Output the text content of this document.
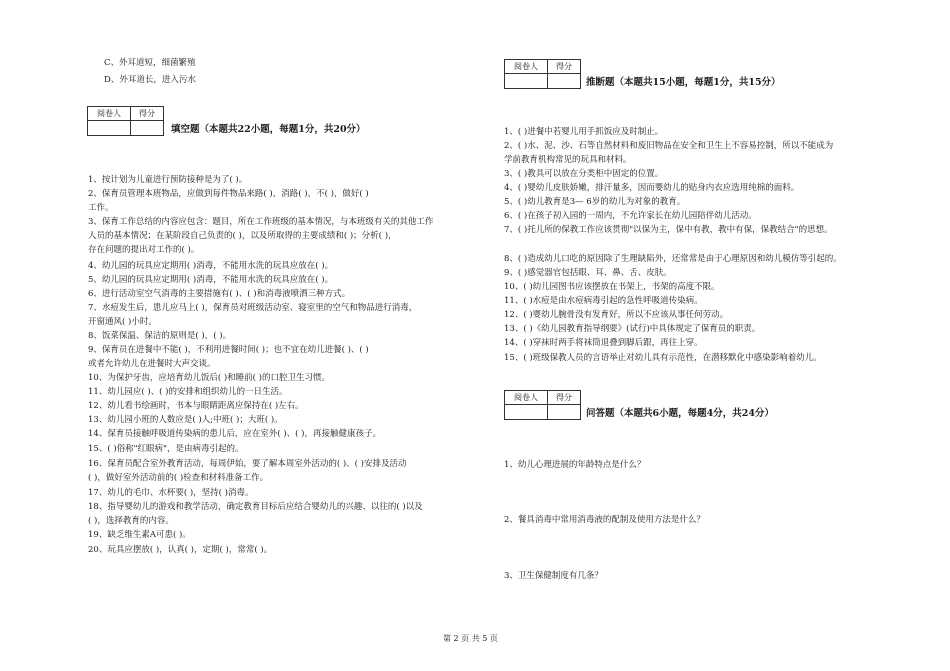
C、外耳道短，细菌繁殖
D、外耳道长，进入污水
阅卷人	得分

填空题（本题共22小题，每题1分，共20分）
1、按计划为儿童进行预防接种是为了( )。
2、保育员管理本班物品，应做到每件物品来路( )，消路( )，不( )，做好( )
工作。
3、保育工作总结的内容应包含：题目，所在工作班级的基本情况，与本班级有关的其他工作
人员的基本情况；在某阶段自己负责的( )，以及所取得的主要成绩和( )；分析( )，
存在问题的提出对工作的( )。
4、幼儿园的玩具应定期用( )消毒，不能用水洗的玩具应放在( )。
5、幼儿园的玩具应定期用( )消毒，不能用水洗的玩具应放在( )。
6、进行活动室空气消毒的主要措施有( )、( )和消毒液喷洒三种方式。
7、水痘发生后，患儿应马上( )，保育员对班级活动室、寝室里的空气和物品进行消毒，
开窗通风( )小时。
8、饭菜保温、保洁的原则是( )，( )。
9、保育员在进餐中不能( )，不利用进餐时间( )；也不宜在幼儿进餐( )、( )
或者允许幼儿在进餐时大声交谈。
10、为保护牙齿，应培育幼儿饭后( )和睡前( )的口腔卫生习惯。
11、幼儿园应( )、( )的安排和组织幼儿的一日生活。
12、幼儿看书绘画时，书本与眼睛距离应保持在( )左右。
13、幼儿园小班的人数应是( )人;中班( )；大班( )。
14、保育员接触呼吸道传染病的患儿后，应在室外( )、( )，再接触健康孩子。
15、( )俗称"红眼病"，是由病毒引起的。
16、保育员配合室外教育活动，每周伊始，要了解本周室外活动的( )、( )安排及活动
( )，做好室外活动前的( )检查和材料准备工作。
17、幼儿的毛巾、水杯要( )，坚持( )消毒。
18、指导婴幼儿的游戏和教学活动，确定教育目标后应结合婴幼儿的兴趣、以往的( )以及
( )，选择教育的内容。
19、缺乏维生素A可患( )。
20、玩具应摆放( )，认真( )，定期( )，常常( )。
阅卷人	得分

推断题（本题共15小题，每题1分，共15分）
1、( )进餐中若婴儿用手抓饭应及时制止。
2、( )水、泥、沙、石等自然材料和废旧物品在安全和卫生上不容易控制，所以不能成为
学前教育机构常见的玩具和材料。
3、( )教具可以放在分类柜中固定的位置。
4、( )婴幼儿皮肤娇嫩，排汗量多，因而婴幼儿的贴身内衣应选用纯棉的面料。
5、( )幼儿教育是3— 6岁的幼儿为对象的教育。
6、( )在孩子初入园的一周内，不允许家长在幼儿园陪伴幼儿活动。
7、( )托儿所的保教工作应该贯彻"以保为主，保中有教，教中有保，保教结合"的思想。
8、( )造成幼儿口吃的原因除了生理缺陷外，还常常是由于心理原因和幼儿模仿等引起的。
9、( )感觉器官包括眼、耳、鼻、舌、皮肤。
10、( )幼儿园图书应该摆放在书架上，书架的高度不限。
11、( )水痘是由水痘病毒引起的急性呼吸道传染病。
12、( )婴幼儿腕骨没有发育好，所以不应该从事任何劳动。
13、( )《幼儿园教育指导纲要》(试行)中具体规定了保育员的职责。
14、( )穿袜时两手将袜筒退叠到脚后跟，再往上穿。
15、( )班级保教人员的言语举止对幼儿具有示范性，在潜移默化中感染影响着幼儿。
阅卷人	得分

问答题（本题共6小题，每题4分，共24分）
1、幼儿心理进展的年龄特点是什么？
2、餐具消毒中常用消毒液的配制及使用方法是什么？
3、卫生保健制度有几条？
第 2 页 共 5 页
